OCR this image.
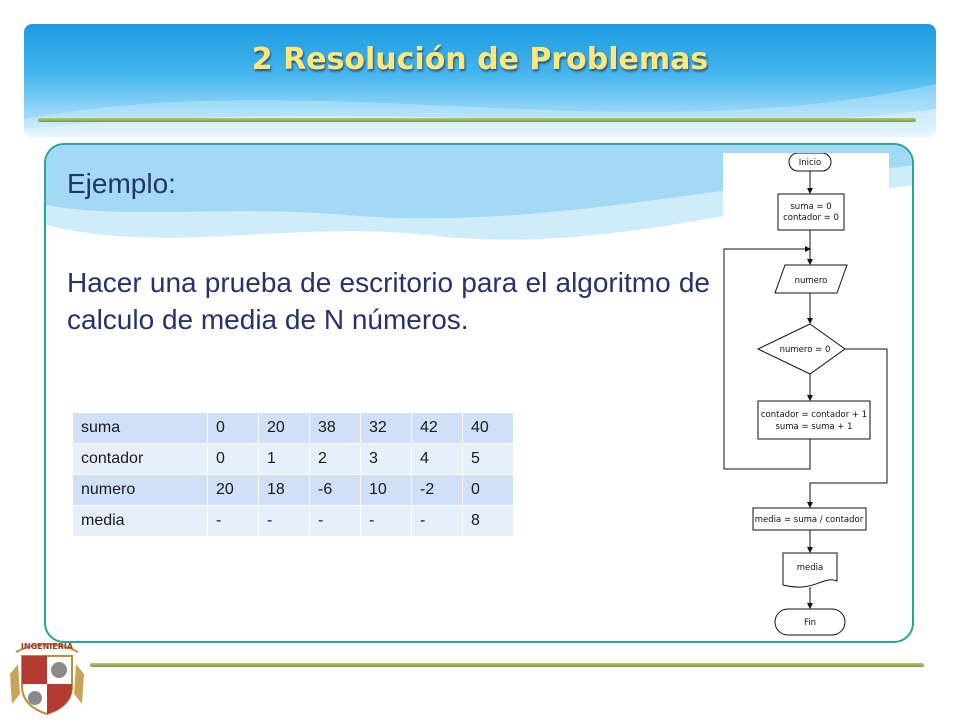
2 Resolución de Problemas
Ejemplo:
Hacer una prueba de escritorio para el algoritmo de calculo de media de N números.
suma	0	20	38	32	42	40
contador	0	1	2	3	4	5
numero	20	18	-6	10	-2	0
media	-	-	-	-	-	8
Inicio
suma = 0
contador = 0
numero
numero = 0
contador = contador + 1
suma = suma + 1
media = suma / contador
media
Fin
INGENIERIA
